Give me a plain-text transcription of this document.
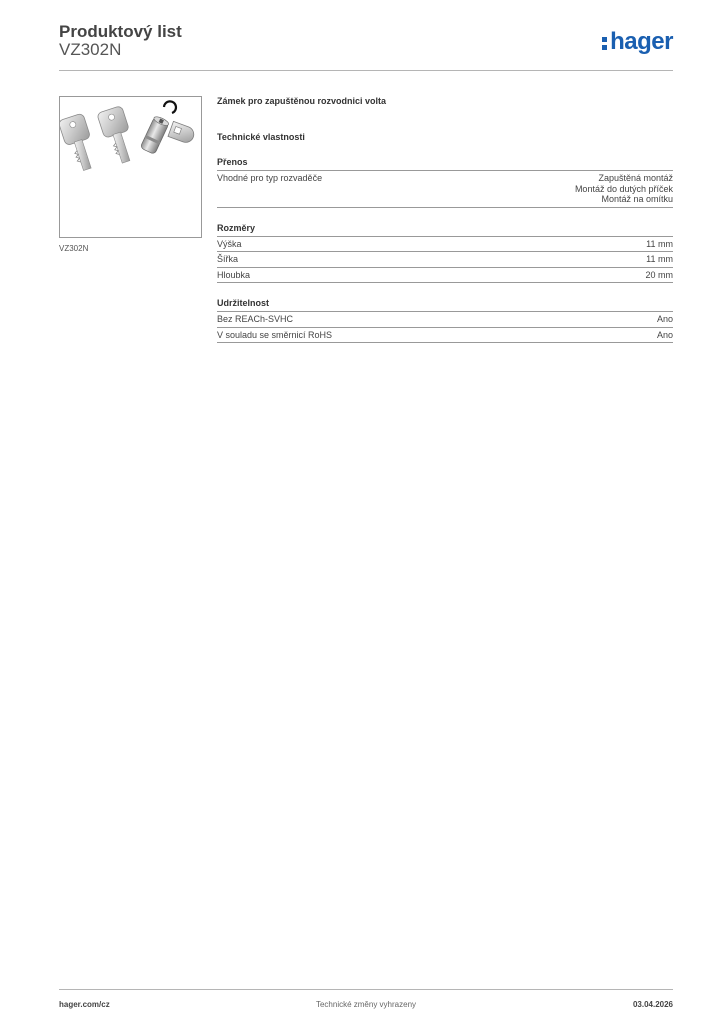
Produktový list
VZ302N	hager
VZ302N
Zámek pro zapuštěnou rozvodnici volta
Technické vlastnosti
Přenos
Vhodné pro typ rozvaděče	Zapuštěná montáž
Montáž do dutých příček
Montáž na omítku
Rozměry
Výška	11 mm
Šířka	11 mm
Hloubka	20 mm
Udržitelnost
Bez REACh-SVHC	Ano
V souladu se směrnicí RoHS	Ano
hager.com/cz	Technické změny vyhrazeny	03.04.2026
